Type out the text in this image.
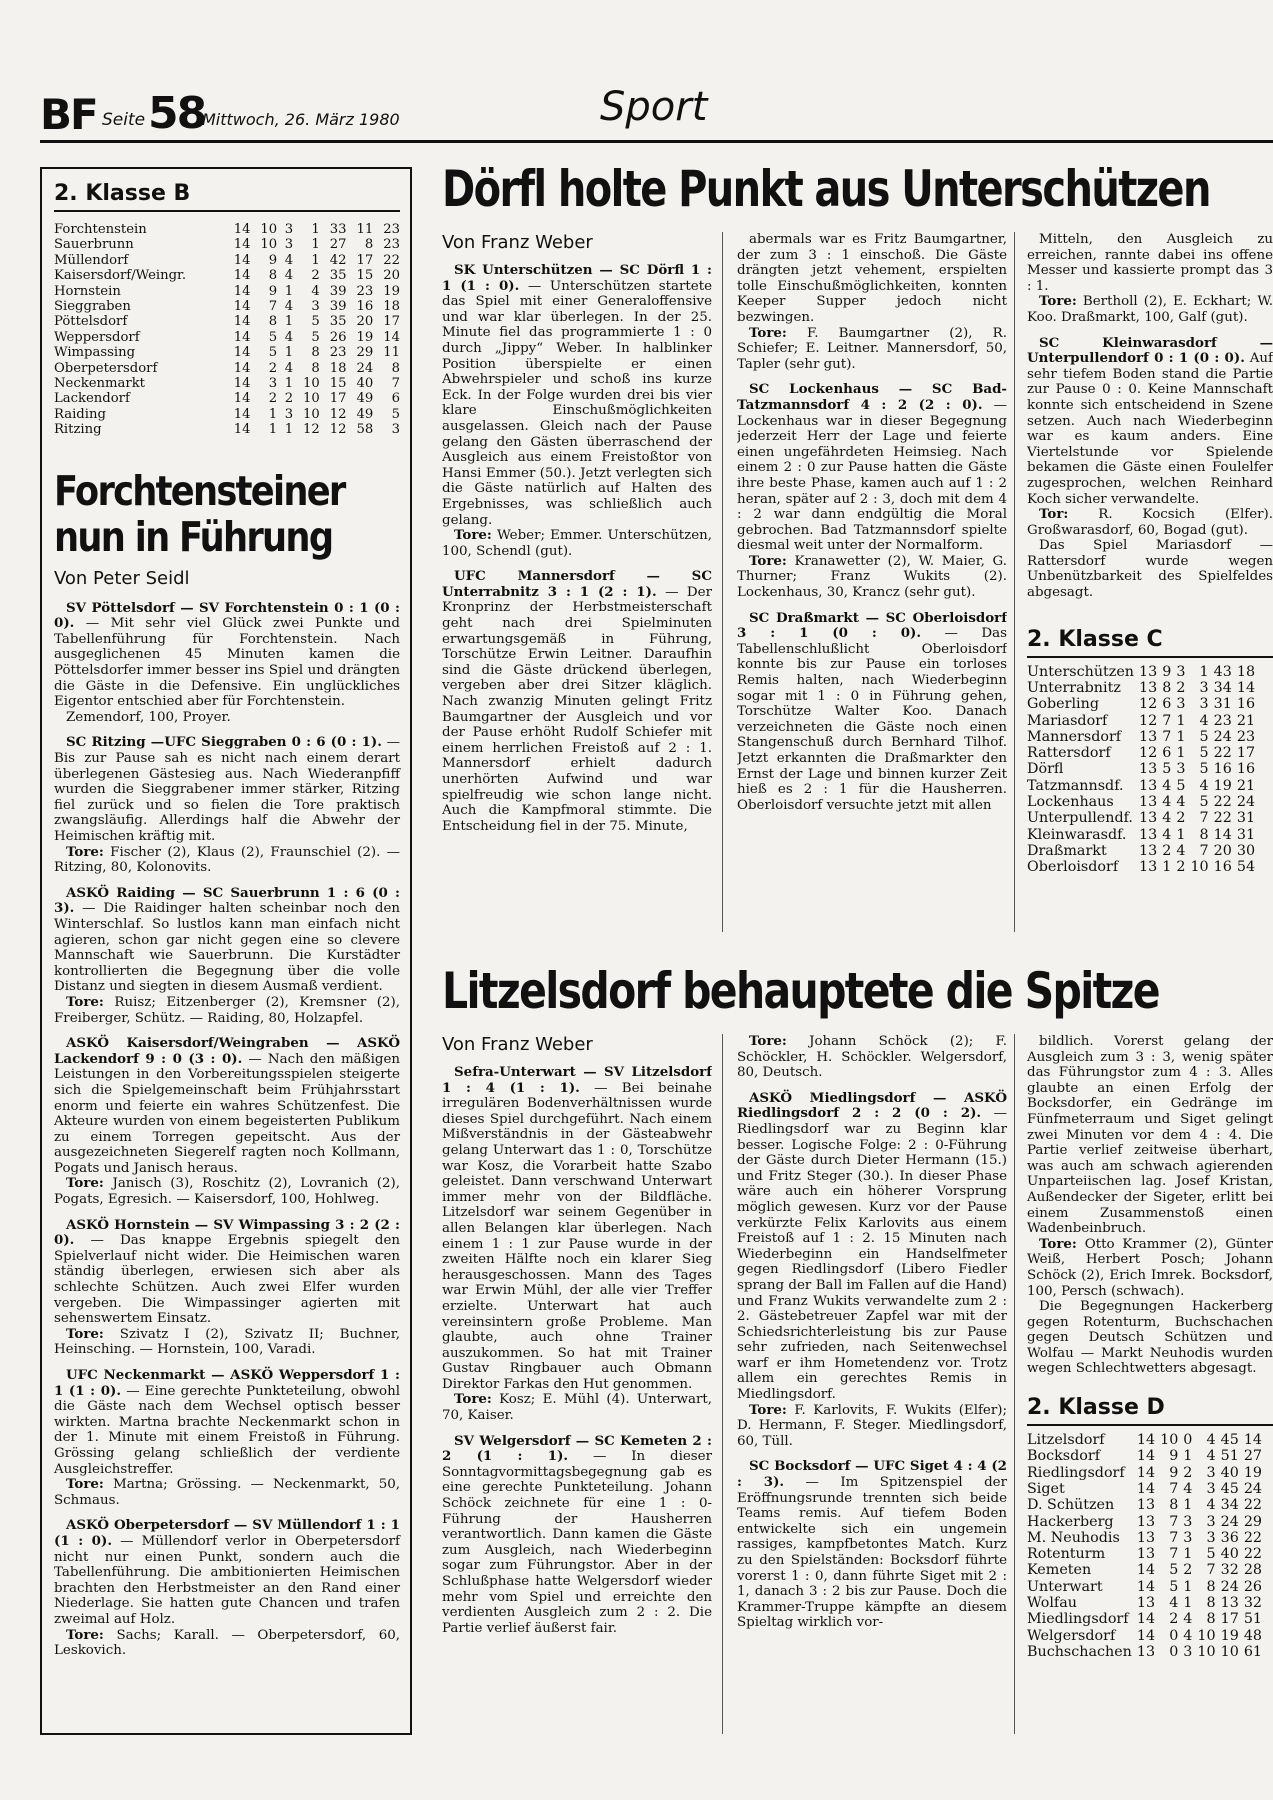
BF Seite 58
Mittwoch, 26. März 1980	Sport
2. Klasse B
Forchtenstein	14	10	3	1	33	11	23
Sauerbrunn	14	10	3	1	27	8	23
Müllendorf	14	9	4	1	42	17	22
Kaisersdorf/Weingr.	14	8	4	2	35	15	20
Hornstein	14	9	1	4	39	23	19
Sieggraben	14	7	4	3	39	16	18
Pöttelsdorf	14	8	1	5	35	20	17
Weppersdorf	14	5	4	5	26	19	14
Wimpassing	14	5	1	8	23	29	11
Oberpetersdorf	14	2	4	8	18	24	8
Neckenmarkt	14	3	1	10	15	40	7
Lackendorf	14	2	2	10	17	49	6
Raiding	14	1	3	10	12	49	5
Ritzing	14	1	1	12	12	58	3
Forchtensteiner
nun in Führung
Von Peter Seidl

SV Pöttelsdorf — SV Forchtenstein 0 : 1 (0 : 0). — Mit sehr viel Glück zwei Punkte und Tabellenführung für Forchtenstein. Nach ausgeglichenen 45 Minuten kamen die Pöttelsdorfer immer besser ins Spiel und drängten die Gäste in die Defensive. Ein unglückliches Eigentor entschied aber für Forchtenstein.

Zemendorf, 100, Proyer.

SC Ritzing —UFC Sieggraben 0 : 6 (0 : 1). — Bis zur Pause sah es nicht nach einem derart überlegenen Gästesieg aus. Nach Wiederanpfiff wurden die Sieggrabener immer stärker, Ritzing fiel zurück und so fielen die Tore praktisch zwangsläufig. Allerdings half die Abwehr der Heimischen kräftig mit.

Tore: Fischer (2), Klaus (2), Fraunschiel (2). — Ritzing, 80, Kolonovits.

ASKÖ Raiding — SC Sauerbrunn 1 : 6 (0 : 3). — Die Raidinger halten scheinbar noch den Winterschlaf. So lustlos kann man einfach nicht agieren, schon gar nicht gegen eine so clevere Mannschaft wie Sauerbrunn. Die Kurstädter kontrollierten die Begegnung über die volle Distanz und siegten in diesem Ausmaß verdient.

Tore: Ruisz; Eitzenberger (2), Kremsner (2), Freiberger, Schütz. — Raiding, 80, Holzapfel.

ASKÖ Kaisersdorf/Weingraben — ASKÖ Lackendorf 9 : 0 (3 : 0). — Nach den mäßigen Leistungen in den Vorbereitungsspielen steigerte sich die Spielgemeinschaft beim Frühjahrsstart enorm und feierte ein wahres Schützenfest. Die Akteure wurden von einem begeisterten Publikum zu einem Torregen gepeitscht. Aus der ausgezeichneten Siegerelf ragten noch Kollmann, Pogats und Janisch heraus.

Tore: Janisch (3), Roschitz (2), Lovranich (2), Pogats, Egresich. — Kaisersdorf, 100, Hohlweg.

ASKÖ Hornstein — SV Wimpassing 3 : 2 (2 : 0). — Das knappe Ergebnis spiegelt den Spielverlauf nicht wider. Die Heimischen waren ständig überlegen, erwiesen sich aber als schlechte Schützen. Auch zwei Elfer wurden vergeben. Die Wimpassinger agierten mit sehenswertem Einsatz.

Tore: Szivatz I (2), Szivatz II; Buchner, Heinsching. — Hornstein, 100, Varadi.

UFC Neckenmarkt — ASKÖ Weppersdorf 1 : 1 (1 : 0). — Eine gerechte Punkteteilung, obwohl die Gäste nach dem Wechsel optisch besser wirkten. Martna brachte Neckenmarkt schon in der 1. Minute mit einem Freistoß in Führung. Grössing gelang schließlich der verdiente Ausgleichstreffer.

Tore: Martna; Grössing. — Neckenmarkt, 50, Schmaus.

ASKÖ Oberpetersdorf — SV Müllendorf 1 : 1 (1 : 0). — Müllendorf verlor in Oberpetersdorf nicht nur einen Punkt, sondern auch die Tabellenführung. Die ambitionierten Heimischen brachten den Herbstmeister an den Rand einer Niederlage. Sie hatten gute Chancen und trafen zweimal auf Holz.

Tore: Sachs; Karall. — Oberpetersdorf, 60, Leskovich.

Dörfl holte Punkt aus Unterschützen
Von Franz Weber

SK Unterschützen — SC Dörfl 1 : 1 (1 : 0). — Unterschützen startete das Spiel mit einer Generaloffensive und war klar überlegen. In der 25. Minute fiel das programmierte 1 : 0 durch „Jippy“ Weber. In halblinker Position überspielte er einen Abwehrspieler und schoß ins kurze Eck. In der Folge wurden drei bis vier klare Einschußmöglichkeiten ausgelassen. Gleich nach der Pause gelang den Gästen überraschend der Ausgleich aus einem Freistoßtor von Hansi Emmer (50.). Jetzt verlegten sich die Gäste natürlich auf Halten des Ergebnisses, was schließlich auch gelang.

Tore: Weber; Emmer. Unterschützen, 100, Schendl (gut).

UFC Mannersdorf — SC Unterrabnitz 3 : 1 (2 : 1). — Der Kronprinz der Herbstmeisterschaft geht nach drei Spielminuten erwartungsgemäß in Führung, Torschütze Erwin Leitner. Daraufhin sind die Gäste drückend überlegen, vergeben aber drei Sitzer kläglich. Nach zwanzig Minuten gelingt Fritz Baumgartner der Ausgleich und vor der Pause erhöht Rudolf Schiefer mit einem herrlichen Freistoß auf 2 : 1. Mannersdorf erhielt dadurch unerhörten Aufwind und war spielfreudig wie schon lange nicht. Auch die Kampfmoral stimmte. Die Entscheidung fiel in der 75. Minute,

abermals war es Fritz Baumgartner, der zum 3 : 1 einschoß. Die Gäste drängten jetzt vehement, erspielten tolle Einschußmöglichkeiten, konnten Keeper Supper jedoch nicht bezwingen.

Tore: F. Baumgartner (2), R. Schiefer; E. Leitner. Mannersdorf, 50, Tapler (sehr gut).

SC Lockenhaus — SC Bad-Tatzmannsdorf 4 : 2 (2 : 0). — Lockenhaus war in dieser Begegnung jederzeit Herr der Lage und feierte einen ungefährdeten Heimsieg. Nach einem 2 : 0 zur Pause hatten die Gäste ihre beste Phase, kamen auch auf 1 : 2 heran, später auf 2 : 3, doch mit dem 4 : 2 war dann endgültig die Moral gebrochen. Bad Tatzmannsdorf spielte diesmal weit unter der Normalform.

Tore: Kranawetter (2), W. Maier, G. Thurner; Franz Wukits (2). Lockenhaus, 30, Krancz (sehr gut).

SC Draßmarkt — SC Oberloisdorf 3 : 1 (0 : 0). — Das Tabellenschlußlicht Oberloisdorf konnte bis zur Pause ein torloses Remis halten, nach Wiederbeginn sogar mit 1 : 0 in Führung gehen, Torschütze Walter Koo. Danach verzeichneten die Gäste noch einen Stangenschuß durch Bernhard Tilhof. Jetzt erkannten die Draßmarkter den Ernst der Lage und binnen kurzer Zeit hieß es 2 : 1 für die Hausherren. Oberloisdorf versuchte jetzt mit allen

Mitteln, den Ausgleich zu erreichen, rannte dabei ins offene Messer und kassierte prompt das 3 : 1.

Tore: Bertholl (2), E. Eckhart; W. Koo. Draßmarkt, 100, Galf (gut).

SC Kleinwarasdorf — Unterpullendorf 0 : 1 (0 : 0). Auf sehr tiefem Boden stand die Partie zur Pause 0 : 0. Keine Mannschaft konnte sich entscheidend in Szene setzen. Auch nach Wiederbeginn war es kaum anders. Eine Viertelstunde vor Spielende bekamen die Gäste einen Foulelfer zugesprochen, welchen Reinhard Koch sicher verwandelte.

Tor: R. Kocsich (Elfer). Großwarasdorf, 60, Bogad (gut).

Das Spiel Mariasdorf — Rattersdorf wurde wegen Unbenützbarkeit des Spielfeldes abgesagt.

2. Klasse C
Unterschützen	13	9	3	1	43	18
Unterrabnitz	13	8	2	3	34	14
Goberling	12	6	3	3	31	16
Mariasdorf	12	7	1	4	23	21
Mannersdorf	13	7	1	5	24	23
Rattersdorf	12	6	1	5	22	17
Dörfl	13	5	3	5	16	16
Tatzmannsdf.	13	4	5	4	19	21
Lockenhaus	13	4	4	5	22	24
Unterpullendf.	13	4	2	7	22	31
Kleinwarasdf.	13	4	1	8	14	31
Draßmarkt	13	2	4	7	20	30
Oberloisdorf	13	1	2	10	16	54
Litzelsdorf behauptete die Spitze
Von Franz Weber

Sefra-Unterwart — SV Litzelsdorf 1 : 4 (1 : 1). — Bei beinahe irregulären Bodenverhältnissen wurde dieses Spiel durchgeführt. Nach einem Mißverständnis in der Gästeabwehr gelang Unterwart das 1 : 0, Torschütze war Kosz, die Vorarbeit hatte Szabo geleistet. Dann verschwand Unterwart immer mehr von der Bildfläche. Litzelsdorf war seinem Gegenüber in allen Belangen klar überlegen. Nach einem 1 : 1 zur Pause wurde in der zweiten Hälfte noch ein klarer Sieg herausgeschossen. Mann des Tages war Erwin Mühl, der alle vier Treffer erzielte. Unterwart hat auch vereinsintern große Probleme. Man glaubte, auch ohne Trainer auszukommen. So hat mit Trainer Gustav Ringbauer auch Obmann Direktor Farkas den Hut genommen.

Tore: Kosz; E. Mühl (4). Unterwart, 70, Kaiser.

SV Welgersdorf — SC Kemeten 2 : 2 (1 : 1). — In dieser Sonntagvormittagsbegegnung gab es eine gerechte Punkteteilung. Johann Schöck zeichnete für eine 1 : 0-Führung der Hausherren verantwortlich. Dann kamen die Gäste zum Ausgleich, nach Wiederbeginn sogar zum Führungstor. Aber in der Schlußphase hatte Welgersdorf wieder mehr vom Spiel und erreichte den verdienten Ausgleich zum 2 : 2. Die Partie verlief äußerst fair.

Tore: Johann Schöck (2); F. Schöckler, H. Schöckler. Welgersdorf, 80, Deutsch.

ASKÖ Miedlingsdorf — ASKÖ Riedlingsdorf 2 : 2 (0 : 2). — Riedlingsdorf war zu Beginn klar besser. Logische Folge: 2 : 0-Führung der Gäste durch Dieter Hermann (15.) und Fritz Steger (30.). In dieser Phase wäre auch ein höherer Vorsprung möglich gewesen. Kurz vor der Pause verkürzte Felix Karlovits aus einem Freistoß auf 1 : 2. 15 Minuten nach Wiederbeginn ein Handselfmeter gegen Riedlingsdorf (Libero Fiedler sprang der Ball im Fallen auf die Hand) und Franz Wukits verwandelte zum 2 : 2. Gästebetreuer Zapfel war mit der Schiedsrichterleistung bis zur Pause sehr zufrieden, nach Seitenwechsel warf er ihm Hometendenz vor. Trotz allem ein gerechtes Remis in Miedlingsdorf.

Tore: F. Karlovits, F. Wukits (Elfer); D. Hermann, F. Steger. Miedlingsdorf, 60, Tüll.

SC Bocksdorf — UFC Siget 4 : 4 (2 : 3). — Im Spitzenspiel der Eröffnungsrunde trennten sich beide Teams remis. Auf tiefem Boden entwickelte sich ein ungemein rassiges, kampfbetontes Match. Kurz zu den Spielständen: Bocksdorf führte vorerst 1 : 0, dann führte Siget mit 2 : 1, danach 3 : 2 bis zur Pause. Doch die Krammer-Truppe kämpfte an diesem Spieltag wirklich vor-

bildlich. Vorerst gelang der Ausgleich zum 3 : 3, wenig später das Führungstor zum 4 : 3. Alles glaubte an einen Erfolg der Bocksdorfer, ein Gedränge im Fünfmeterraum und Siget gelingt zwei Minuten vor dem 4 : 4. Die Partie verlief zeitweise überhart, was auch am schwach agierenden Unparteiischen lag. Josef Kristan, Außendecker der Sigeter, erlitt bei einem Zusammenstoß einen Wadenbeinbruch.

Tore: Otto Krammer (2), Günter Weiß, Herbert Posch; Johann Schöck (2), Erich Imrek. Bocksdorf, 100, Persch (schwach).

Die Begegnungen Hackerberg gegen Rotenturm, Buchschachen gegen Deutsch Schützen und Wolfau — Markt Neuhodis wurden wegen Schlechtwetters abgesagt.

2. Klasse D
Litzelsdorf	14	10	0	4	45	14
Bocksdorf	14	9	1	4	51	27
Riedlingsdorf	14	9	2	3	40	19
Siget	14	7	4	3	45	24
D. Schützen	13	8	1	4	34	22
Hackerberg	13	7	3	3	24	29
M. Neuhodis	13	7	3	3	36	22
Rotenturm	13	7	1	5	40	22
Kemeten	14	5	2	7	32	28
Unterwart	14	5	1	8	24	26
Wolfau	13	4	1	8	13	32
Miedlingsdorf	14	2	4	8	17	51
Welgersdorf	14	0	4	10	19	48
Buchschachen	13	0	3	10	10	61
